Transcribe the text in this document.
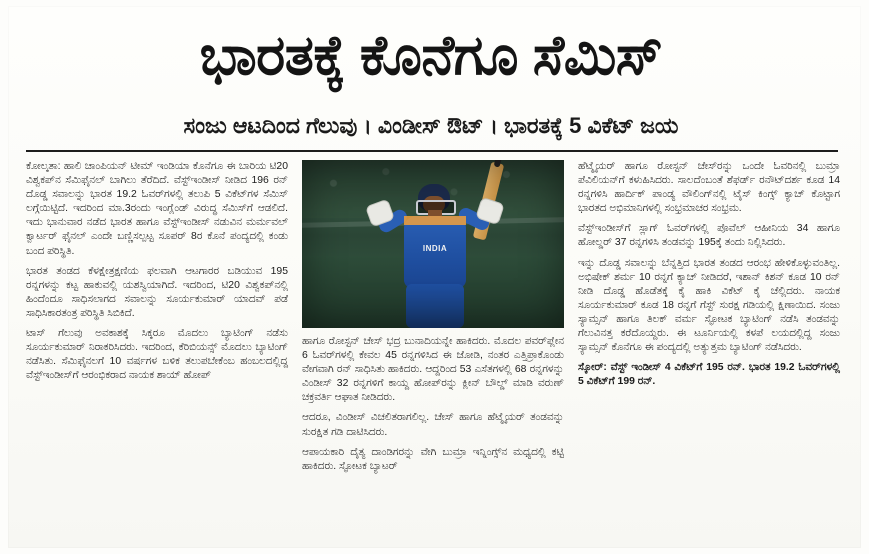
ಭಾರತಕ್ಕೆ ಕೊನೆಗೂ ಸೆಮಿಸ್
ಸಂಜು ಆಟದಿಂದ ಗೆಲುವು । ವಿಂಡೀಸ್ ಔಟ್ । ಭಾರತಕ್ಕೆ 5 ವಿಕೆಟ್ ಜಯ

ಕೋಲ್ಕತಾ: ಹಾಲಿ ಚಾಂಪಿಯನ್ ಟೀಮ್ ಇಂಡಿಯಾ ಕೊನೆಗೂ ಈ ಬಾರಿಯ ಟಿ20 ವಿಶ್ವಕಪ್‌ನ ಸೆಮಿಫೈನಲ್ ಬಾಗಿಲು ತೆರೆದಿದೆ. ವೆಸ್ಟ್ಇಂಡೀಸ್ ನೀಡಿದ 196 ರನ್ ದೊಡ್ಡ ಸವಾಲನ್ನು ಭಾರತ 19.2 ಓವರ್‌ಗಳಲ್ಲಿ ತಲುಪಿ 5 ವಿಕೆಟ್‌ಗಳ ಸೆಮಿಸ್ ಲಗ್ಗೆಯಿಟ್ಟಿದೆ. ಇದರಿಂದ ಮಾ.3ರಂದು ಇಂಗ್ಲೆಂಡ್ ವಿರುದ್ಧ ಸೆಮಿಸ್‌ಗೆ ಆಡಲಿದೆ. ಇದು ಭಾನುವಾರ ನಡೆದ ಭಾರತ ಹಾಗೂ ವೆಸ್ಟ್ಇಂಡೀಸ್ ನಡುವಿನ ಮರ್ಮವಲ್ ಕ್ವಾರ್ಟರ್ ಫೈನಲ್ ಎಂದೇ ಬಣ್ಣಿಸಲ್ಪಟ್ಟ ಸೂಪರ್ 8ರ ಕೊನೆ ಪಂದ್ಯದಲ್ಲಿ ಕಂಡು ಬಂದ ಪರಿಸ್ಥಿತಿ.

ಭಾರತ ತಂಡದ ಕೆಳಕ್ಷೇತ್ರಕ್ಷಣಿಯ ಫಲವಾಗಿ ಆಟಗಾರರ ಬಡಿಯುವ 195 ರನ್ನಗಳನ್ನು ಕಟ್ಟ ಹಾಕುವಲ್ಲಿ ಯಶಸ್ವಿಯಾಗಿದೆ. ಇದರಿಂದ, ಟಿ20 ವಿಶ್ವಕಪ್‌ನಲ್ಲಿ ಹಿಂದೆಂದೂ ಸಾಧಿಸಲಾಗದ ಸವಾಲನ್ನು ಸೂರ್ಯಕುಮಾರ್ ಯಾದವ್ ಪಡೆ ಸಾಧಿಸಿಕಾರತಂತ್ರ ಪರಿಸ್ಥಿತಿ ಸಿಬಿಕಿದೆ.

ಟಾಸ್ ಗೆಲುವು ಅವಕಾಶಕ್ಕೆ ಸಿಕ್ಕರೂ ಮೊದಲು ಬ್ಯಾಟಿಂಗ್ ನಡೆಸು ಸೂರ್ಯಕುಮಾರ್ ನಿರಾಕರಿಸಿದರು. ಇದರಿಂದ, ಕೆರಿಬಿಯನ್ಸ್ ಮೊದಲು ಬ್ಯಾಟಿಂಗ್ ನಡೆಸಿತು. ಸೆಮಿಫೈನಲಗೆ 10 ವರ್ಷಗಳ ಬಳಿಕ ತಲುಪಬೇಕೆಂಬ ಹಂಬಲದಲ್ಲಿದ್ದ ವೆಸ್ಟ್ಇಂಡೀಸ್‌ಗೆ ಆರಂಭಿಕರಾದ ನಾಯಕ ಶಾಯ್ ಹೋಪ್

INDIA

ಹಾಗೂ ರೋಸ್ಟನ್ ಚೇಸ್ ಭದ್ರ ಬುನಾದಿಯನ್ನೇ ಹಾಕಿದರು. ಮೊದಲ ಪವರ್‌ಪ್ಲೇನ 6 ಓವರ್‌ಗಳಲ್ಲಿ ಕೇವಲ 45 ರನ್ನಗಳಿಸಿದ ಈ ಜೋಡಿ, ನಂತರ ಎತ್ತಿಪ್ರಾಕೊಂಡು ವೇಗವಾಗಿ ರನ್ ಸಾಧಿಸಿತು ಹಾಕಿದರು. ಆದ್ದರಿಂದ 53 ಎಸೆತಗಳಲ್ಲಿ 68 ರನ್ನಗಳನ್ನು ವಿಂಡೀಸ್ 32 ರನ್ನಗಳಿಗೆ ಕಾಯ್ದ ಹೋಪ್‌ರನ್ನು ಕ್ಲೀನ್ ಬೌಲ್ಡ್ ಮಾಡಿ ವರುಣ್ ಚಕ್ರವರ್ತಿ ಆಘಾತ ನೀಡಿದರು.

ಆದರೂ, ವಿಂಡೀಸ್ ವಿಚಲಿತರಾಗಲಿಲ್ಲ. ಚೇಸ್ ಹಾಗೂ ಹೆಟ್ಮೈಯರ್ ತಂಡವನ್ನು ಸುರಕ್ಷಿತ ಗಡಿ ದಾಟಿಸಿದರು.

ಆಪಾಯಕಾರಿ ದೈತ್ಯ ದಾಂಡಿಗರನ್ನು ವೇಗಿ ಬುಮ್ರಾ ಇನ್ನಿಂಗ್ಸ್‌ನ ಮಧ್ಯದಲ್ಲಿ ಕಟ್ಟಿ ಹಾಕಿದರು. ಸ್ಫೋಟಕ ಬ್ಯಾಟರ್

ಹೆಟ್ಮೈಯರ್ ಹಾಗೂ ರೋಸ್ಟನ್ ಚೇಸ್‌ರನ್ನು ಒಂದೇ ಓವರಿನಲ್ಲಿ ಬುಮ್ರಾ ಪೆವಿಲಿಯನ್‌ಗೆ ಕಳುಹಿಸಿದರು. ಸಾಲದೆಂಬಂತೆ ಶೆಫರ್ಡ್ ರನೌಟ್‌ದರ್ಶ ಕೂಡ 14 ರನ್ನಗಳಿಸಿ ಹಾರ್ದಿಕ್ ಪಾಂಡ್ಯ ವೌಲಿಂಗ್‌ನಲ್ಲಿ ಟೈಸ್ ಕಿಂಗ್ಸ್ ಕ್ಯಾಚ್ ಕೊಟ್ಟಾಗ ಭಾರತದ ಅಭಿಮಾನಿಗಳಲ್ಲಿ ಸಂಭ್ರಮಾಚರ ಸಂಭ್ರಮ.

ವೆಸ್ಟ್ಇಂಡೀಸ್‌ಗೆ ಸ್ಲಾಗ್ ಓವರ್‌ಗಳಲ್ಲಿ ಪೊವೆಲ್ ಆಹೀನಿಯ 34 ಹಾಗೂ ಹೋಲ್ಡರ್ 37 ರನ್ನಗಳಿಸಿ ತಂಡವನ್ನು 195ಕ್ಕೆ ತಂದು ನಿಲ್ಲಿಸಿದರು.

ಇನ್ನು ದೊಡ್ಡ ಸವಾಲನ್ನು ಬೆನ್ನತ್ತಿದ ಭಾರತ ತಂಡದ ಆರಂಭ ಹೇಳಿಕೊಳ್ಳುವಂತಿಲ್ಲ. ಅಭಿಷೇಕ್ ಶರ್ಮ 10 ರನ್ನಗೆ ಕ್ಯಾಚ್ ನೀಡಿದರೆ, ಇಶಾನ್ ಕಿಶನ್ ಕೂಡ 10 ರನ್ ನೀಡಿ ದೊಡ್ಡ ಹೊಡೆತಕ್ಕೆ ಕೈ ಹಾಕಿ ವಿಕೆಟ್ ಕೈ ಚೆಲ್ಲಿದರು. ನಾಯಕ ಸೂರ್ಯಕುಮಾರ್ ಕೂಡ 18 ರನ್ನಗೆ ಗೆಸ್ಟ್ ಸುರಕ್ಷ ಗಡಿಯಲ್ಲಿ ಕ್ಷಿಣಾಯಿದ. ಸಂಜು ಸ್ಯಾಮ್ಸನ್ ಹಾಗೂ ತಿಲಕ್ ವರ್ಮ ಸ್ಫೋಟಕ ಬ್ಯಾಟಿಂಗ್ ನಡೆಸಿ ತಂಡವನ್ನು ಗೆಲುವಿನತ್ತ ಕರೆದೊಯ್ದರು. ಈ ಟೂರ್ನಿಯಲ್ಲಿ ಕಳಪೆ ಲಯದಲ್ಲಿದ್ದ ಸಂಜು ಸ್ಯಾಮ್ಸನ್ ಕೊನೆಗೂ ಈ ಪಂದ್ಯದಲ್ಲಿ ಅತ್ಯುತ್ತಮ ಬ್ಯಾಟಿಂಗ್ ನಡೆಸಿದರು.

ಸ್ಕೋರ್: ವೆಸ್ಟ್ ಇಂಡೀಸ್ 4 ವಿಕೆಟ್‌ಗೆ 195 ರನ್. ಭಾರತ 19.2 ಓವರ್‌ಗಳಲ್ಲಿ 5 ವಿಕೆಟ್‌ಗೆ 199 ರನ್.
